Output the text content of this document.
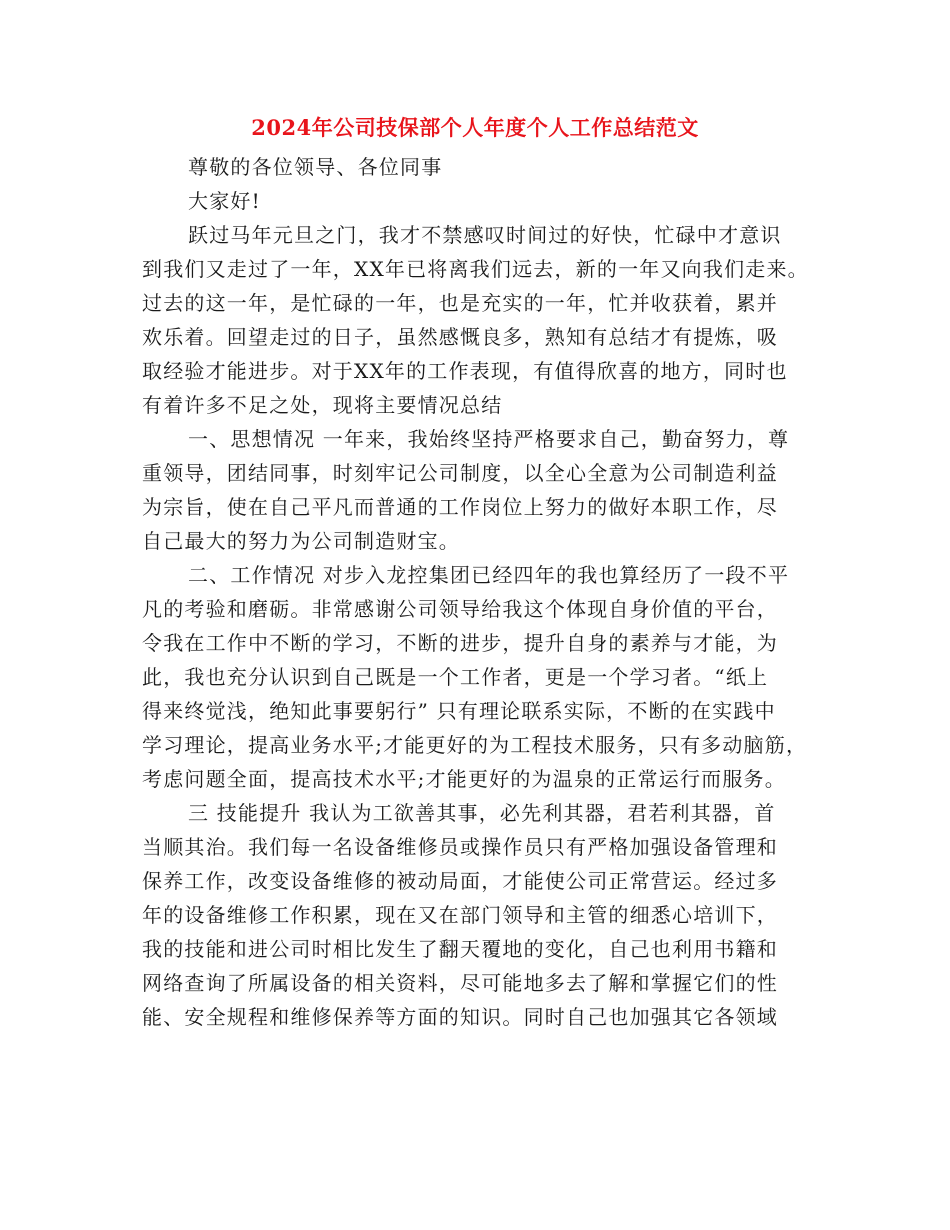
2024年公司技保部个人年度个人工作总结范文
尊敬的各位领导、各位同事
大家好!
跃过马年元旦之门，我才不禁感叹时间过的好快，忙碌中才意识
到我们又走过了一年，XX年已将离我们远去，新的一年又向我们走来。
过去的这一年，是忙碌的一年，也是充实的一年，忙并收获着，累并
欢乐着。回望走过的日子，虽然感慨良多，熟知有总结才有提炼，吸
取经验才能进步。对于XX年的工作表现，有值得欣喜的地方，同时也
有着许多不足之处，现将主要情况总结
一、思想情况 一年来，我始终坚持严格要求自己，勤奋努力，尊
重领导，团结同事，时刻牢记公司制度，以全心全意为公司制造利益
为宗旨，使在自己平凡而普通的工作岗位上努力的做好本职工作，尽
自己最大的努力为公司制造财宝。
二、工作情况 对步入龙控集团已经四年的我也算经历了一段不平
凡的考验和磨砺。非常感谢公司领导给我这个体现自身价值的平台，
令我在工作中不断的学习，不断的进步，提升自身的素养与才能，为
此，我也充分认识到自己既是一个工作者，更是一个学习者。“纸上
得来终觉浅，绝知此事要躬行” 只有理论联系实际，不断的在实践中
学习理论，提高业务水平;才能更好的为工程技术服务，只有多动脑筋，
考虑问题全面，提高技术水平;才能更好的为温泉的正常运行而服务。
三 技能提升 我认为工欲善其事，必先利其器，君若利其器，首
当顺其治。我们每一名设备维修员或操作员只有严格加强设备管理和
保养工作，改变设备维修的被动局面，才能使公司正常营运。经过多
年的设备维修工作积累，现在又在部门领导和主管的细悉心培训下，
我的技能和进公司时相比发生了翻天覆地的变化，自己也利用书籍和
网络查询了所属设备的相关资料，尽可能地多去了解和掌握它们的性
能、安全规程和维修保养等方面的知识。同时自己也加强其它各领域
